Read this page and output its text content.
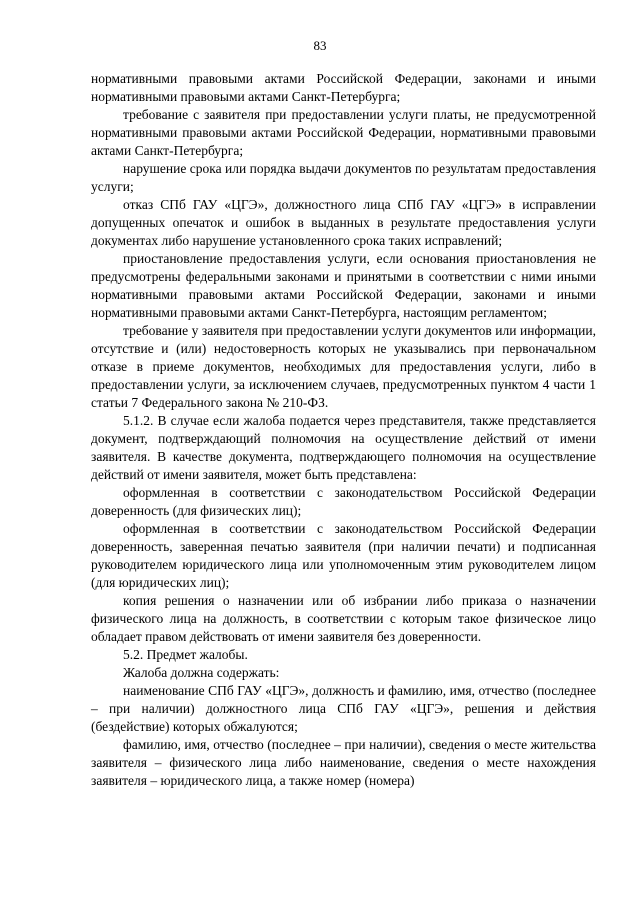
83

нормативными правовыми актами Российской Федерации, законами и иными нормативными правовыми актами Санкт-Петербурга;

требование с заявителя при предоставлении услуги платы, не предусмотренной нормативными правовыми актами Российской Федерации, нормативными правовыми актами Санкт-Петербурга;

нарушение срока или порядка выдачи документов по результатам предоставления услуги;

отказ СПб ГАУ «ЦГЭ», должностного лица СПб ГАУ «ЦГЭ» в исправлении допущенных опечаток и ошибок в выданных в результате предоставления услуги документах либо нарушение установленного срока таких исправлений;

приостановление предоставления услуги, если основания приостановления не предусмотрены федеральными законами и принятыми в соответствии с ними иными нормативными правовыми актами Российской Федерации, законами и иными нормативными правовыми актами Санкт-Петербурга, настоящим регламентом;

требование у заявителя при предоставлении услуги документов или информации, отсутствие и (или) недостоверность которых не указывались при первоначальном отказе в приеме документов, необходимых для предоставления услуги, либо в предоставлении услуги, за исключением случаев, предусмотренных пунктом 4 части 1 статьи 7 Федерального закона № 210-ФЗ.

5.1.2. В случае если жалоба подается через представителя, также представляется документ, подтверждающий полномочия на осуществление действий от имени заявителя. В качестве документа, подтверждающего полномочия на осуществление действий от имени заявителя, может быть представлена:

оформленная в соответствии с законодательством Российской Федерации доверенность (для физических лиц);

оформленная в соответствии с законодательством Российской Федерации доверенность, заверенная печатью заявителя (при наличии печати) и подписанная руководителем юридического лица или уполномоченным этим руководителем лицом (для юридических лиц);

копия решения о назначении или об избрании либо приказа о назначении физического лица на должность, в соответствии с которым такое физическое лицо обладает правом действовать от имени заявителя без доверенности.

5.2. Предмет жалобы.

Жалоба должна содержать:

наименование СПб ГАУ «ЦГЭ», должность и фамилию, имя, отчество (последнее – при наличии) должностного лица СПб ГАУ «ЦГЭ», решения и действия (бездействие) которых обжалуются;

фамилию, имя, отчество (последнее – при наличии), сведения о месте жительства заявителя – физического лица либо наименование, сведения о месте нахождения заявителя – юридического лица, а также номер (номера)
